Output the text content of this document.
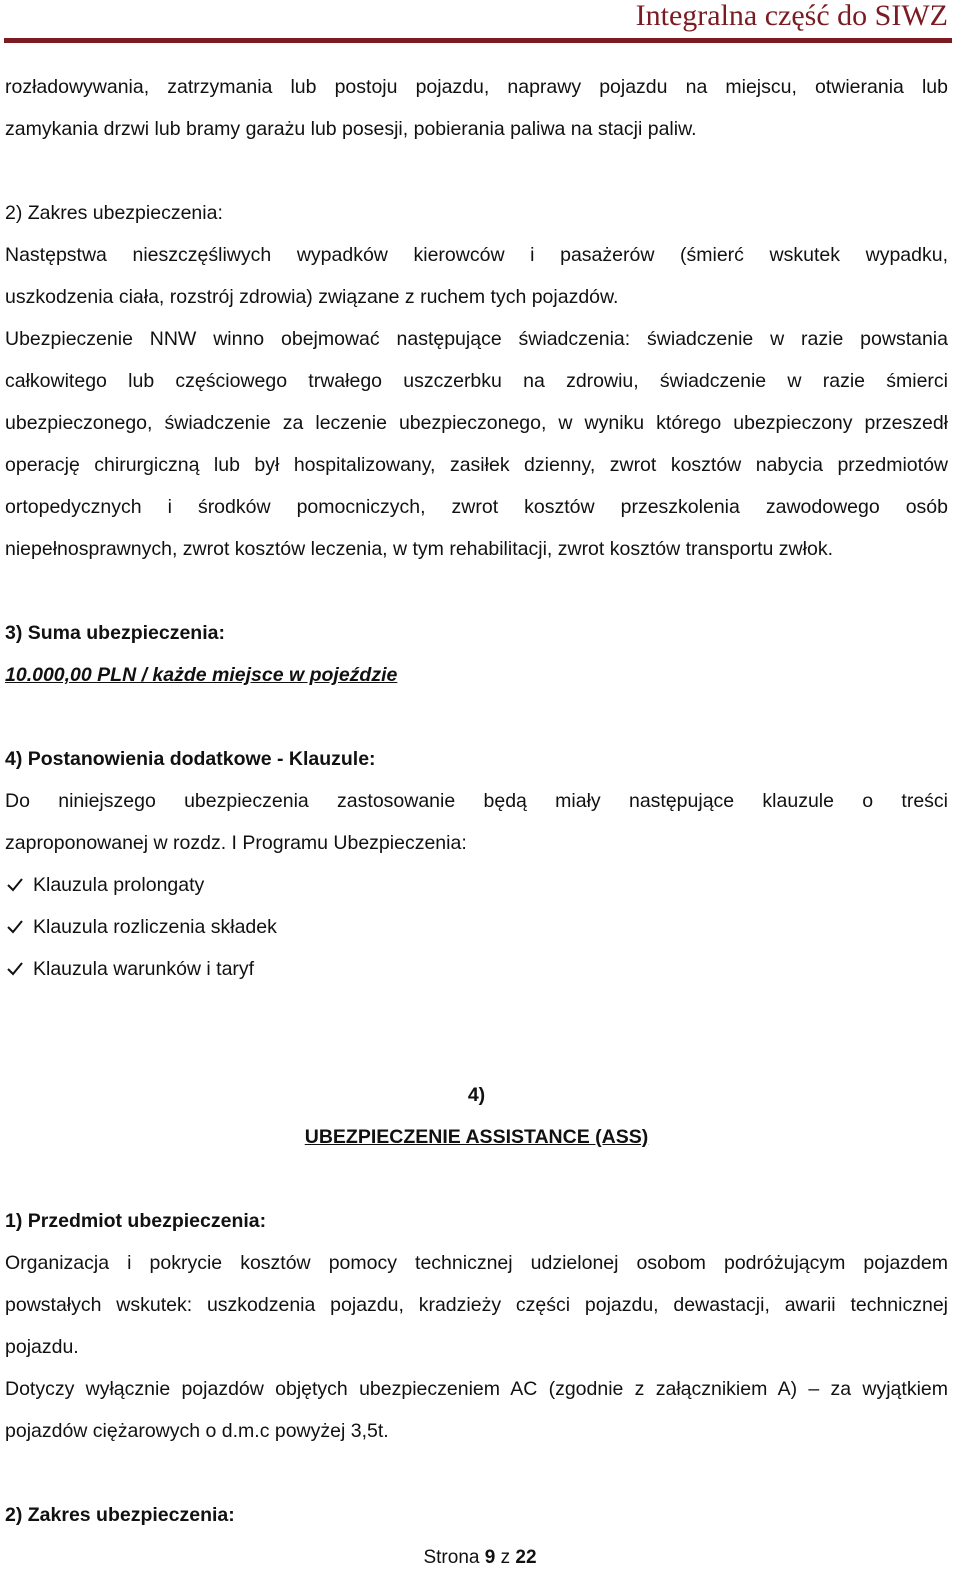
Integralna część do SIWZ

rozładowywania, zatrzymania lub postoju pojazdu, naprawy pojazdu na miejscu, otwierania lub

zamykania drzwi lub bramy garażu lub posesji, pobierania paliwa na stacji paliw.

2) Zakres ubezpieczenia:

Następstwa nieszczęśliwych wypadków kierowców i pasażerów (śmierć wskutek wypadku,

uszkodzenia ciała, rozstrój zdrowia) związane z ruchem tych pojazdów.

Ubezpieczenie NNW winno obejmować następujące świadczenia: świadczenie w razie powstania

całkowitego lub częściowego trwałego uszczerbku na zdrowiu, świadczenie w razie śmierci

ubezpieczonego, świadczenie za leczenie ubezpieczonego, w wyniku którego ubezpieczony przeszedł

operację chirurgiczną lub był hospitalizowany, zasiłek dzienny, zwrot kosztów nabycia przedmiotów

ortopedycznych i środków pomocniczych, zwrot kosztów przeszkolenia zawodowego osób

niepełnosprawnych, zwrot kosztów leczenia, w tym rehabilitacji, zwrot kosztów transportu zwłok.

3) Suma ubezpieczenia:

10.000,00 PLN / każde miejsce w pojeździe

4) Postanowienia dodatkowe - Klauzule:

Do niniejszego ubezpieczenia zastosowanie będą miały następujące klauzule o treści

zaproponowanej w rozdz. I Programu Ubezpieczenia:

Klauzula prolongaty
Klauzula rozliczenia składek
Klauzula warunków i taryf

4)

UBEZPIECZENIE ASSISTANCE (ASS)

1) Przedmiot ubezpieczenia:

Organizacja i pokrycie kosztów pomocy technicznej udzielonej osobom podróżującym pojazdem

powstałych wskutek: uszkodzenia pojazdu, kradzieży części pojazdu, dewastacji, awarii technicznej

pojazdu.

Dotyczy wyłącznie pojazdów objętych ubezpieczeniem AC (zgodnie z załącznikiem A) – za wyjątkiem

pojazdów ciężarowych o d.m.c powyżej 3,5t.

2) Zakres ubezpieczenia:

Strona 9 z 22
